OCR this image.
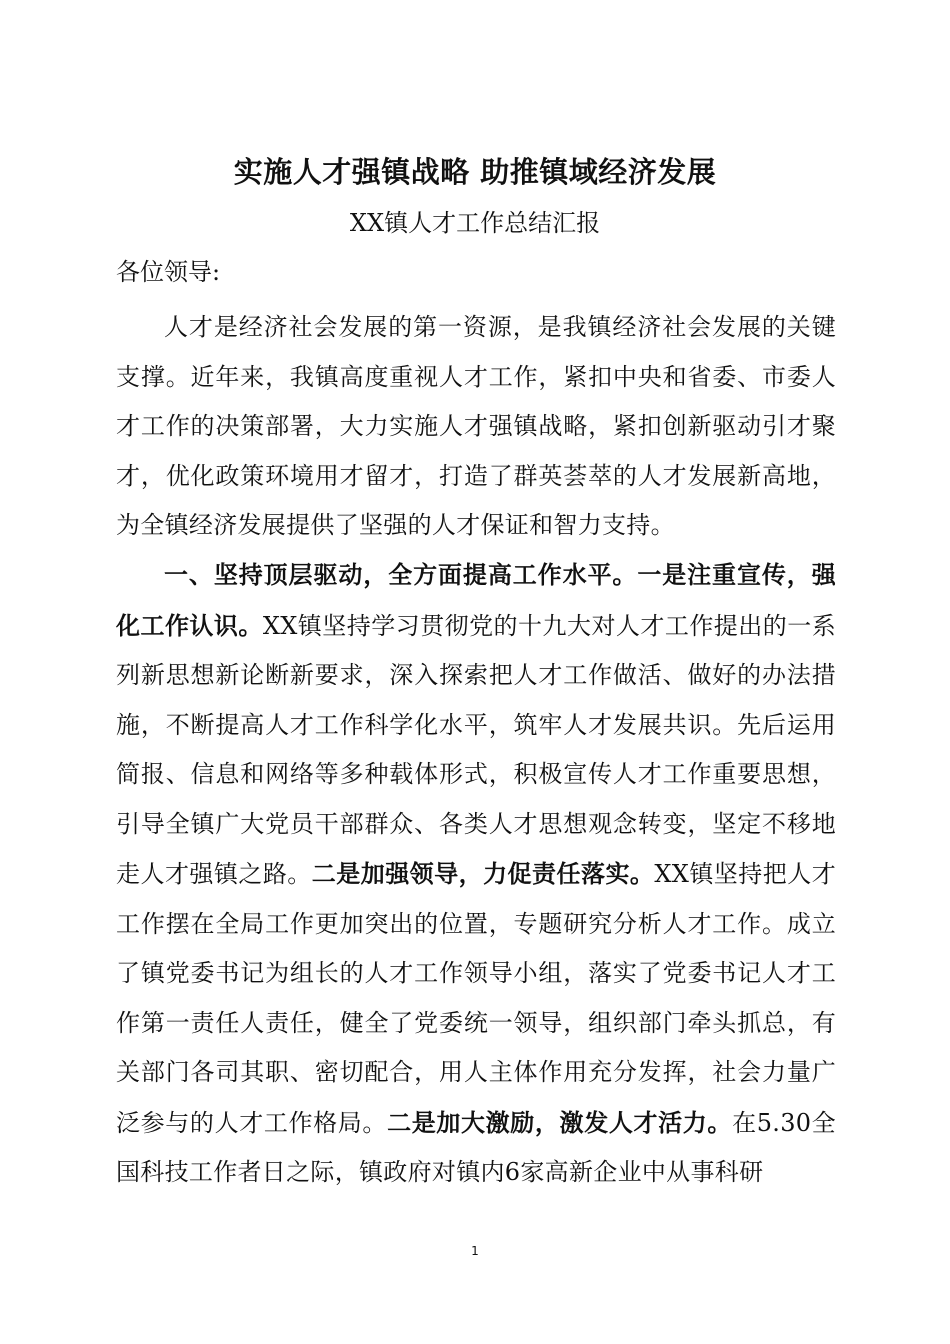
实施人才强镇战略 助推镇域经济发展
XX镇人才工作总结汇报
各位领导:

人才是经济社会发展的第一资源，是我镇经济社会发展的关键支撑。近年来，我镇高度重视人才工作，紧扣中央和省委、市委人才工作的决策部署，大力实施人才强镇战略，紧扣创新驱动引才聚才，优化政策环境用才留才，打造了群英荟萃的人才发展新高地，为全镇经济发展提供了坚强的人才保证和智力支持。

一、坚持顶层驱动，全方面提高工作水平。一是注重宣传，强化工作认识。XX镇坚持学习贯彻党的十九大对人才工作提出的一系列新思想新论断新要求，深入探索把人才工作做活、做好的办法措施，不断提高人才工作科学化水平，筑牢人才发展共识。先后运用简报、信息和网络等多种载体形式，积极宣传人才工作重要思想，引导全镇广大党员干部群众、各类人才思想观念转变，坚定不移地走人才强镇之路。二是加强领导，力促责任落实。XX镇坚持把人才工作摆在全局工作更加突出的位置，专题研究分析人才工作。成立了镇党委书记为组长的人才工作领导小组，落实了党委书记人才工作第一责任人责任，健全了党委统一领导，组织部门牵头抓总，有关部门各司其职、密切配合，用人主体作用充分发挥，社会力量广泛参与的人才工作格局。二是加大激励，激发人才活力。在5.30全国科技工作者日之际，镇政府对镇内6家高新企业中从事科研

1
